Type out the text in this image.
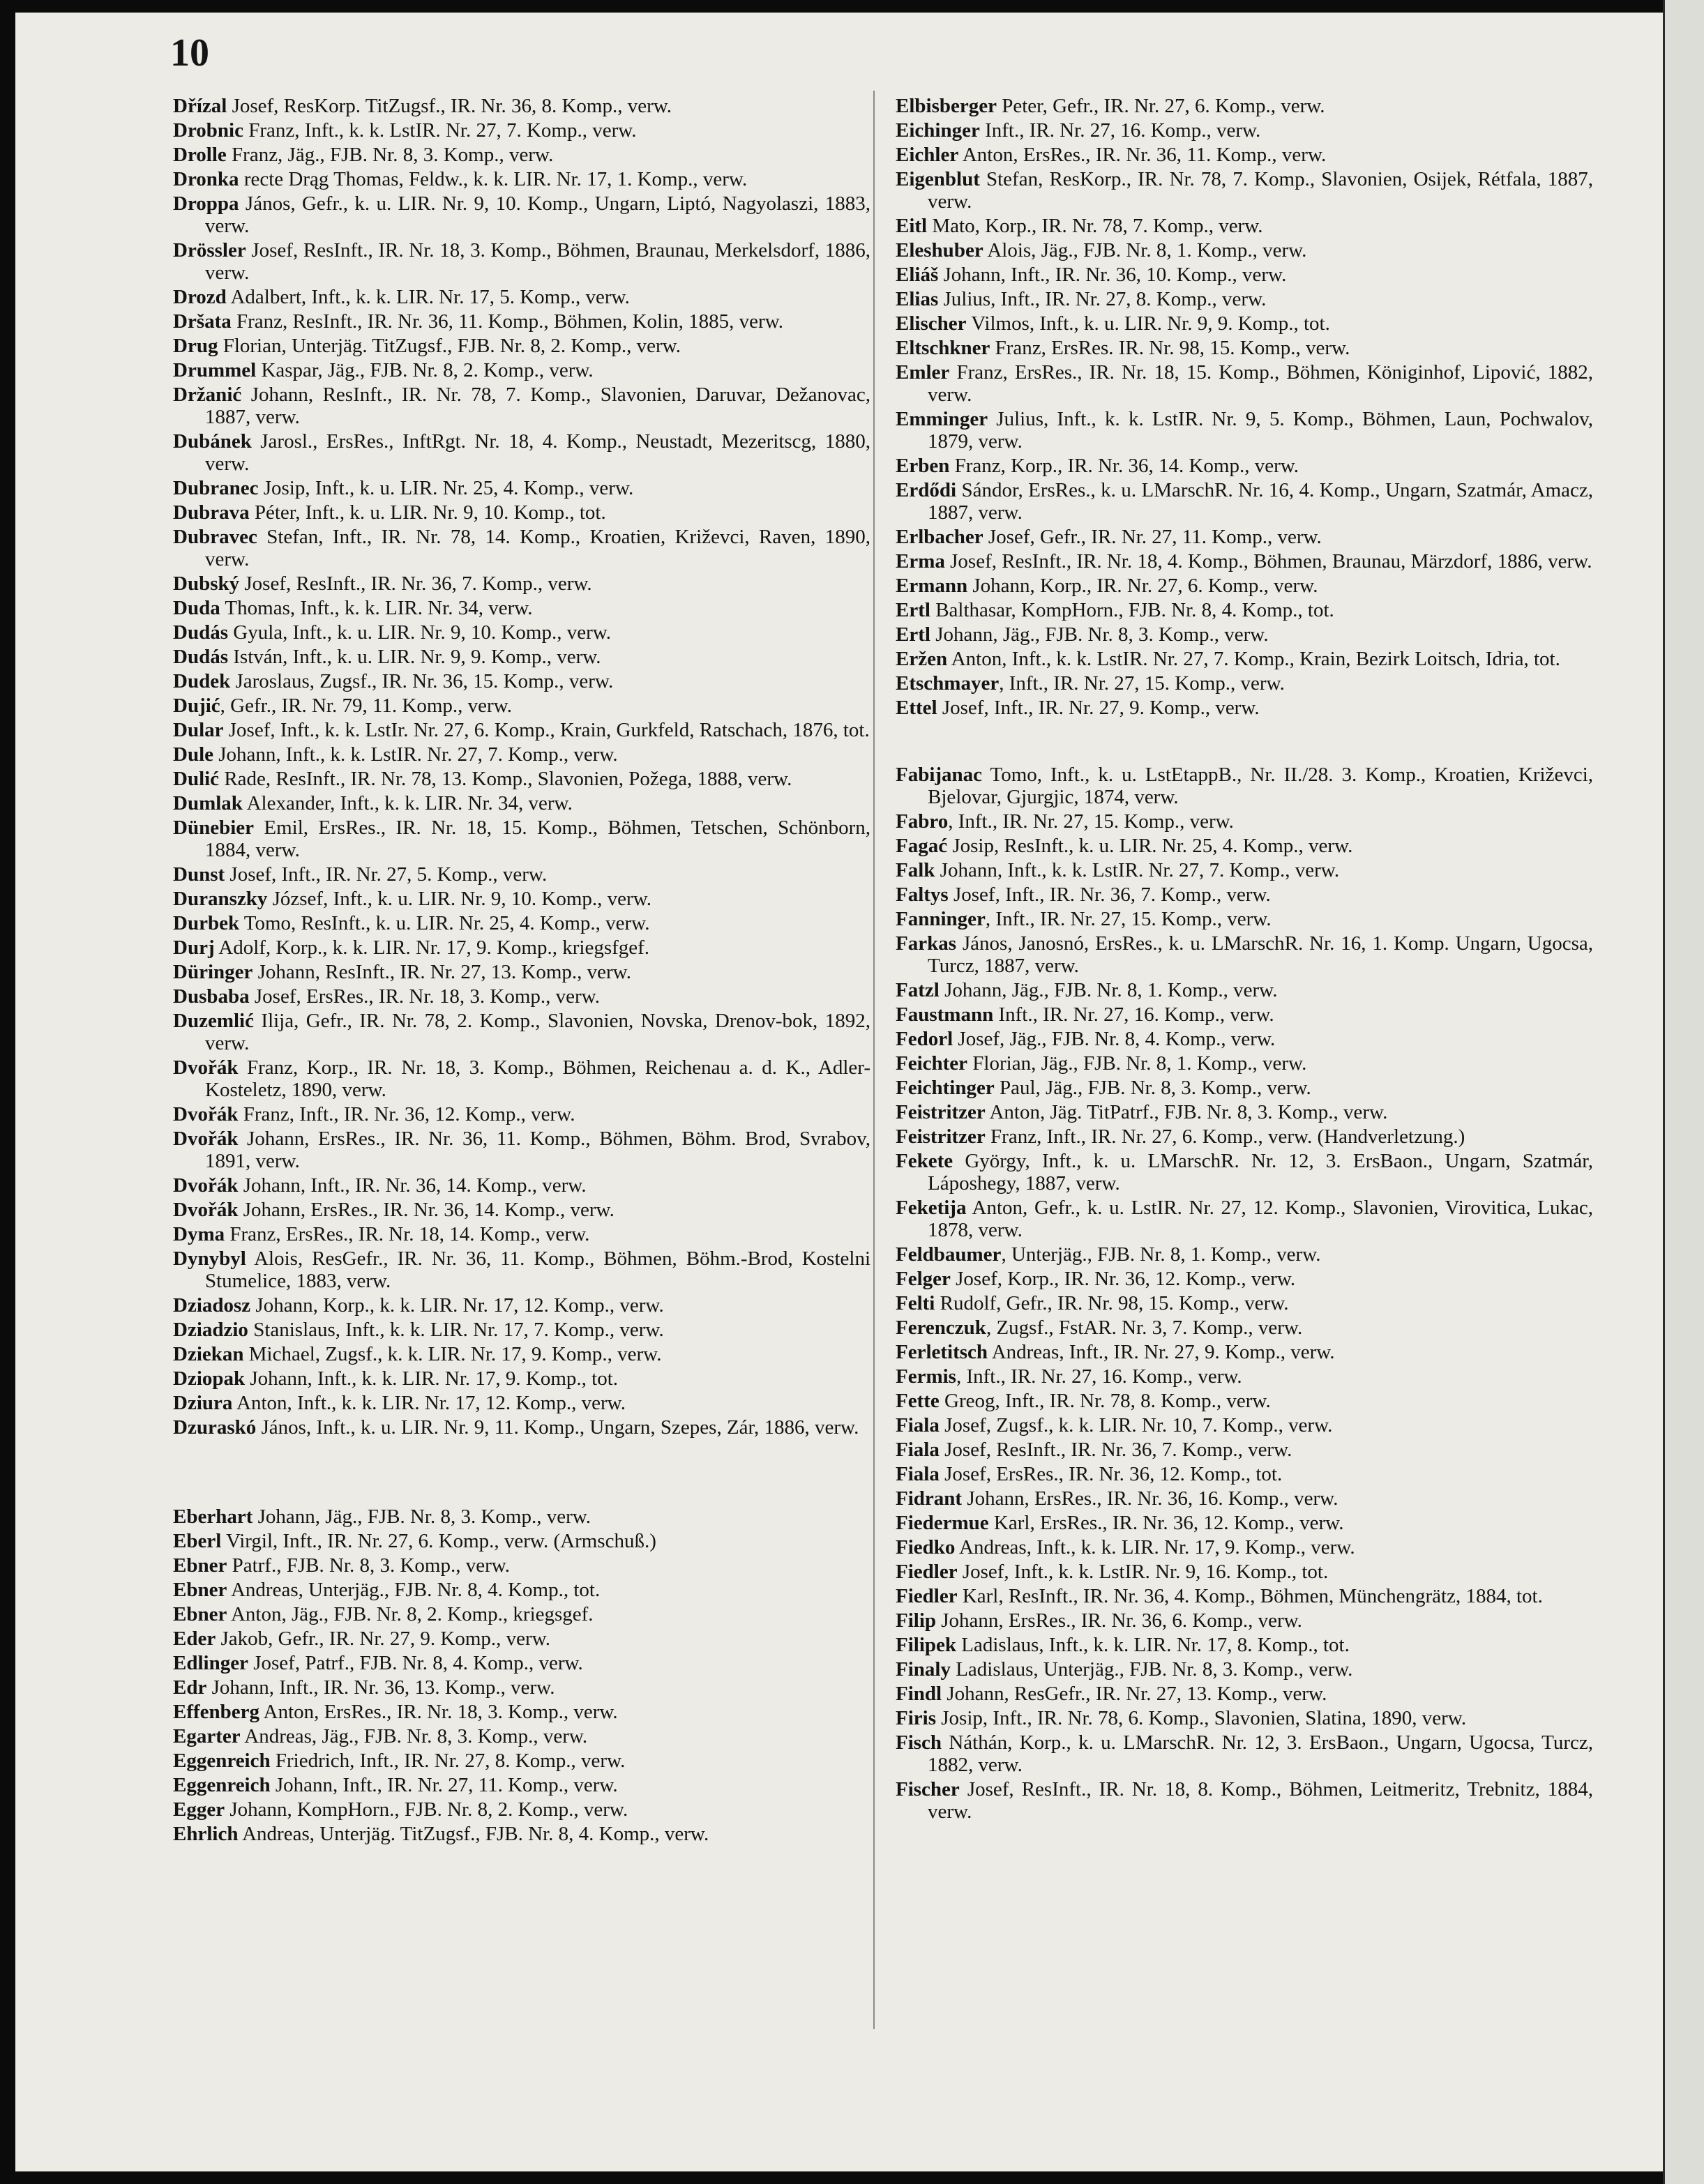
10
Dřízal Josef, ResKorp. TitZugsf., IR. Nr. 36, 8. Komp., verw.
Drobnic Franz, Inft., k. k. LstIR. Nr. 27, 7. Komp., verw.
Drolle Franz, Jäg., FJB. Nr. 8, 3. Komp., verw.
Dronka recte Drąg Thomas, Feldw., k. k. LIR. Nr. 17, 1. Komp., verw.
Droppa János, Gefr., k. u. LIR. Nr. 9, 10. Komp., Ungarn, Liptó, Nagyolaszi, 1883, verw.
Drössler Josef, ResInft., IR. Nr. 18, 3. Komp., Böhmen, Braunau, Merkelsdorf, 1886, verw.
Drozd Adalbert, Inft., k. k. LIR. Nr. 17, 5. Komp., verw.
Dršata Franz, ResInft., IR. Nr. 36, 11. Komp., Böhmen, Kolin, 1885, verw.
Drug Florian, Unterjäg. TitZugsf., FJB. Nr. 8, 2. Komp., verw.
Drummel Kaspar, Jäg., FJB. Nr. 8, 2. Komp., verw.
Držanić Johann, ResInft., IR. Nr. 78, 7. Komp., Slavonien, Daruvar, Dežanovac, 1887, verw.
Dubánek Jarosl., ErsRes., InftRgt. Nr. 18, 4. Komp., Neustadt, Mezeritscg, 1880, verw.
Dubranec Josip, Inft., k. u. LIR. Nr. 25, 4. Komp., verw.
Dubrava Péter, Inft., k. u. LIR. Nr. 9, 10. Komp., tot.
Dubravec Stefan, Inft., IR. Nr. 78, 14. Komp., Kroatien, Križevci, Raven, 1890, verw.
Dubský Josef, ResInft., IR. Nr. 36, 7. Komp., verw.
Duda Thomas, Inft., k. k. LIR. Nr. 34, verw.
Dudás Gyula, Inft., k. u. LIR. Nr. 9, 10. Komp., verw.
Dudás István, Inft., k. u. LIR. Nr. 9, 9. Komp., verw.
Dudek Jaroslaus, Zugsf., IR. Nr. 36, 15. Komp., verw.
Dujić, Gefr., IR. Nr. 79, 11. Komp., verw.
Dular Josef, Inft., k. k. LstIr. Nr. 27, 6. Komp., Krain, Gurkfeld, Ratschach, 1876, tot.
Dule Johann, Inft., k. k. LstIR. Nr. 27, 7. Komp., verw.
Dulić Rade, ResInft., IR. Nr. 78, 13. Komp., Slavonien, Požega, 1888, verw.
Dumlak Alexander, Inft., k. k. LIR. Nr. 34, verw.
Dünebier Emil, ErsRes., IR. Nr. 18, 15. Komp., Böhmen, Tetschen, Schönborn, 1884, verw.
Dunst Josef, Inft., IR. Nr. 27, 5. Komp., verw.
Duranszky József, Inft., k. u. LIR. Nr. 9, 10. Komp., verw.
Durbek Tomo, ResInft., k. u. LIR. Nr. 25, 4. Komp., verw.
Durj Adolf, Korp., k. k. LIR. Nr. 17, 9. Komp., kriegsfgef.
Düringer Johann, ResInft., IR. Nr. 27, 13. Komp., verw.
Dusbaba Josef, ErsRes., IR. Nr. 18, 3. Komp., verw.
Duzemlić Ilija, Gefr., IR. Nr. 78, 2. Komp., Slavonien, Novska, Drenov-bok, 1892, verw.
Dvořák Franz, Korp., IR. Nr. 18, 3. Komp., Böhmen, Reichenau a. d. K., Adler-Kosteletz, 1890, verw.
Dvořák Franz, Inft., IR. Nr. 36, 12. Komp., verw.
Dvořák Johann, ErsRes., IR. Nr. 36, 11. Komp., Böhmen, Böhm. Brod, Svrabov, 1891, verw.
Dvořák Johann, Inft., IR. Nr. 36, 14. Komp., verw.
Dvořák Johann, ErsRes., IR. Nr. 36, 14. Komp., verw.
Dyma Franz, ErsRes., IR. Nr. 18, 14. Komp., verw.
Dynybyl Alois, ResGefr., IR. Nr. 36, 11. Komp., Böhmen, Böhm.-Brod, Kostelni Stumelice, 1883, verw.
Dziadosz Johann, Korp., k. k. LIR. Nr. 17, 12. Komp., verw.
Dziadzio Stanislaus, Inft., k. k. LIR. Nr. 17, 7. Komp., verw.
Dziekan Michael, Zugsf., k. k. LIR. Nr. 17, 9. Komp., verw.
Dziopak Johann, Inft., k. k. LIR. Nr. 17, 9. Komp., tot.
Dziura Anton, Inft., k. k. LIR. Nr. 17, 12. Komp., verw.
Dzuraskó János, Inft., k. u. LIR. Nr. 9, 11. Komp., Ungarn, Szepes, Zár, 1886, verw.
Eberhart Johann, Jäg., FJB. Nr. 8, 3. Komp., verw.
Eberl Virgil, Inft., IR. Nr. 27, 6. Komp., verw. (Armschuß.)
Ebner Patrf., FJB. Nr. 8, 3. Komp., verw.
Ebner Andreas, Unterjäg., FJB. Nr. 8, 4. Komp., tot.
Ebner Anton, Jäg., FJB. Nr. 8, 2. Komp., kriegsgef.
Eder Jakob, Gefr., IR. Nr. 27, 9. Komp., verw.
Edlinger Josef, Patrf., FJB. Nr. 8, 4. Komp., verw.
Edr Johann, Inft., IR. Nr. 36, 13. Komp., verw.
Effenberg Anton, ErsRes., IR. Nr. 18, 3. Komp., verw.
Egarter Andreas, Jäg., FJB. Nr. 8, 3. Komp., verw.
Eggenreich Friedrich, Inft., IR. Nr. 27, 8. Komp., verw.
Eggenreich Johann, Inft., IR. Nr. 27, 11. Komp., verw.
Egger Johann, KompHorn., FJB. Nr. 8, 2. Komp., verw.
Ehrlich Andreas, Unterjäg. TitZugsf., FJB. Nr. 8, 4. Komp., verw.
Elbisberger Peter, Gefr., IR. Nr. 27, 6. Komp., verw.
Eichinger Inft., IR. Nr. 27, 16. Komp., verw.
Eichler Anton, ErsRes., IR. Nr. 36, 11. Komp., verw.
Eigenblut Stefan, ResKorp., IR. Nr. 78, 7. Komp., Slavonien, Osijek, Rétfala, 1887, verw.
Eitl Mato, Korp., IR. Nr. 78, 7. Komp., verw.
Eleshuber Alois, Jäg., FJB. Nr. 8, 1. Komp., verw.
Eliáš Johann, Inft., IR. Nr. 36, 10. Komp., verw.
Elias Julius, Inft., IR. Nr. 27, 8. Komp., verw.
Elischer Vilmos, Inft., k. u. LIR. Nr. 9, 9. Komp., tot.
Eltschkner Franz, ErsRes. IR. Nr. 98, 15. Komp., verw.
Emler Franz, ErsRes., IR. Nr. 18, 15. Komp., Böhmen, Königinhof, Lipović, 1882, verw.
Emminger Julius, Inft., k. k. LstIR. Nr. 9, 5. Komp., Böhmen, Laun, Pochwalov, 1879, verw.
Erben Franz, Korp., IR. Nr. 36, 14. Komp., verw.
Erdődi Sándor, ErsRes., k. u. LMarschR. Nr. 16, 4. Komp., Ungarn, Szatmár, Amacz, 1887, verw.
Erlbacher Josef, Gefr., IR. Nr. 27, 11. Komp., verw.
Erma Josef, ResInft., IR. Nr. 18, 4. Komp., Böhmen, Braunau, Märzdorf, 1886, verw.
Ermann Johann, Korp., IR. Nr. 27, 6. Komp., verw.
Ertl Balthasar, KompHorn., FJB. Nr. 8, 4. Komp., tot.
Ertl Johann, Jäg., FJB. Nr. 8, 3. Komp., verw.
Eržen Anton, Inft., k. k. LstIR. Nr. 27, 7. Komp., Krain, Bezirk Loitsch, Idria, tot.
Etschmayer, Inft., IR. Nr. 27, 15. Komp., verw.
Ettel Josef, Inft., IR. Nr. 27, 9. Komp., verw.
Fabijanac Tomo, Inft., k. u. LstEtappB., Nr. II./28. 3. Komp., Kroatien, Križevci, Bjelovar, Gjurgjic, 1874, verw.
Fabro, Inft., IR. Nr. 27, 15. Komp., verw.
Fagać Josip, ResInft., k. u. LIR. Nr. 25, 4. Komp., verw.
Falk Johann, Inft., k. k. LstIR. Nr. 27, 7. Komp., verw.
Faltys Josef, Inft., IR. Nr. 36, 7. Komp., verw.
Fanninger, Inft., IR. Nr. 27, 15. Komp., verw.
Farkas János, Janosnó, ErsRes., k. u. LMarschR. Nr. 16, 1. Komp. Ungarn, Ugocsa, Turcz, 1887, verw.
Fatzl Johann, Jäg., FJB. Nr. 8, 1. Komp., verw.
Faustmann Inft., IR. Nr. 27, 16. Komp., verw.
Fedorl Josef, Jäg., FJB. Nr. 8, 4. Komp., verw.
Feichter Florian, Jäg., FJB. Nr. 8, 1. Komp., verw.
Feichtinger Paul, Jäg., FJB. Nr. 8, 3. Komp., verw.
Feistritzer Anton, Jäg. TitPatrf., FJB. Nr. 8, 3. Komp., verw.
Feistritzer Franz, Inft., IR. Nr. 27, 6. Komp., verw. (Handverletzung.)
Fekete György, Inft., k. u. LMarschR. Nr. 12, 3. ErsBaon., Ungarn, Szatmár, Láposhegy, 1887, verw.
Feketija Anton, Gefr., k. u. LstIR. Nr. 27, 12. Komp., Slavonien, Virovitica, Lukac, 1878, verw.
Feldbaumer, Unterjäg., FJB. Nr. 8, 1. Komp., verw.
Felger Josef, Korp., IR. Nr. 36, 12. Komp., verw.
Felti Rudolf, Gefr., IR. Nr. 98, 15. Komp., verw.
Ferenczuk, Zugsf., FstAR. Nr. 3, 7. Komp., verw.
Ferletitsch Andreas, Inft., IR. Nr. 27, 9. Komp., verw.
Fermis, Inft., IR. Nr. 27, 16. Komp., verw.
Fette Greog, Inft., IR. Nr. 78, 8. Komp., verw.
Fiala Josef, Zugsf., k. k. LIR. Nr. 10, 7. Komp., verw.
Fiala Josef, ResInft., IR. Nr. 36, 7. Komp., verw.
Fiala Josef, ErsRes., IR. Nr. 36, 12. Komp., tot.
Fidrant Johann, ErsRes., IR. Nr. 36, 16. Komp., verw.
Fiedermue Karl, ErsRes., IR. Nr. 36, 12. Komp., verw.
Fiedko Andreas, Inft., k. k. LIR. Nr. 17, 9. Komp., verw.
Fiedler Josef, Inft., k. k. LstIR. Nr. 9, 16. Komp., tot.
Fiedler Karl, ResInft., IR. Nr. 36, 4. Komp., Böhmen, Münchengrätz, 1884, tot.
Filip Johann, ErsRes., IR. Nr. 36, 6. Komp., verw.
Filipek Ladislaus, Inft., k. k. LIR. Nr. 17, 8. Komp., tot.
Finaly Ladislaus, Unterjäg., FJB. Nr. 8, 3. Komp., verw.
Findl Johann, ResGefr., IR. Nr. 27, 13. Komp., verw.
Firis Josip, Inft., IR. Nr. 78, 6. Komp., Slavonien, Slatina, 1890, verw.
Fisch Náthán, Korp., k. u. LMarschR. Nr. 12, 3. ErsBaon., Ungarn, Ugocsa, Turcz, 1882, verw.
Fischer Josef, ResInft., IR. Nr. 18, 8. Komp., Böhmen, Leitmeritz, Trebnitz, 1884, verw.
